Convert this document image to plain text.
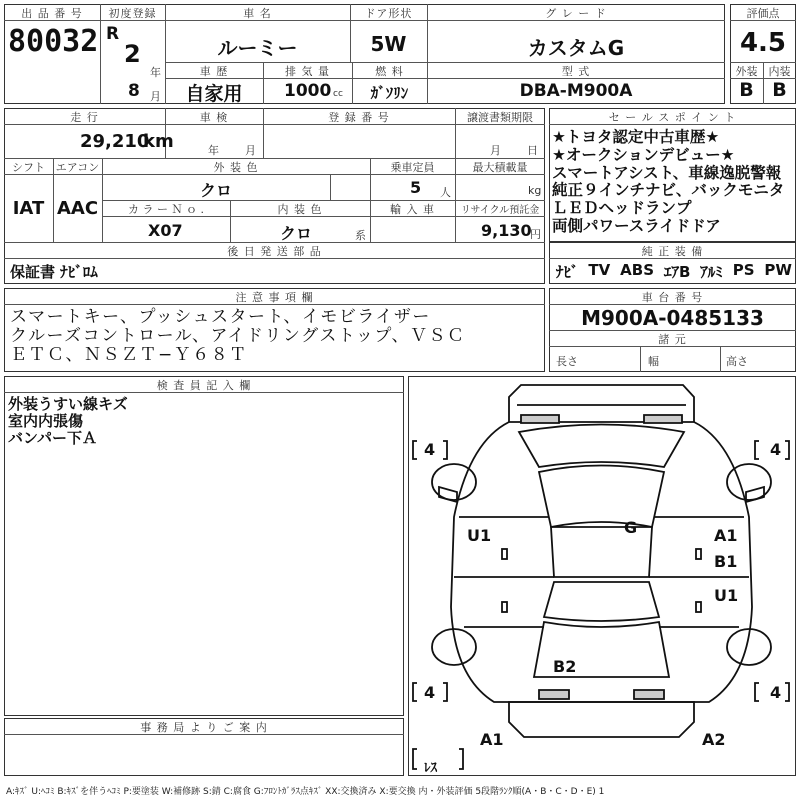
出 品 番 号
80032
初度登録
R
2
年
8 月
車 名
ルーミー
ドア形状
5W
グ レ ー ド
カスタムG
車 歴
自家用
排 気 量
1000 cc
燃 料
ｶﾞｿﾘﾝ
型 式
DBA-M900A
評価点
4.5
外装	内装
B B
走 行
29,210
km
車 検
年 月
登 録 番 号	譲渡書類期限
月 日
シフト エアコン
IAT AAC
外 装 色
クロ
乗車定員
5 人
最大積載量
kg
カ ラ ー Ｎ ｏ .
X07
内 装 色
クロ	系
輸 入 車	リサイクル預託金
9,130
円
後 日 発 送 部 品
保証書 ﾅﾋﾞﾛﾑ
セ ー ル ス ポ イ ン ト
★トヨタ認定中古車歴★
★オークションデビュー★
スマートアシスト、車線逸脱警報
純正９インチナビ、バックモニタ
ＬＥＤヘッドランプ
両側パワースライドドア
純 正 装 備
ﾅﾋﾞ TV ABS ｴｱB ｱﾙﾐ PS PW
注 意 事 項 欄
スマートキー、プッシュスタート、イモビライザー
クルーズコントロール、アイドリングストップ、ＶＳＣ
ＥＴＣ、ＮＳＺＴ−Ｙ６８Ｔ
車 台 番 号
M900A-0485133
諸 元
長さ	幅	高さ
検 査 員 記 入 欄
外装うすい線キズ
室内内張傷
バンパー下Ａ
事 務 局 よ り ご 案 内
G
U1	A1
B1
U1
B2
A1	A2
4	4
4	4
ﾚｽ
A:ｷｽﾞ U:ﾍｺﾐ B:ｷｽﾞを伴うﾍｺﾐ P:要塗装 W:補修跡 S:錆 C:腐食 G:ﾌﾛﾝﾄｶﾞﾗｽ点ｷｽﾞ XX:交換済み X:要交換 内・外装評価 5段階ﾗﾝｸ順(A・B・C・D・E) 1
